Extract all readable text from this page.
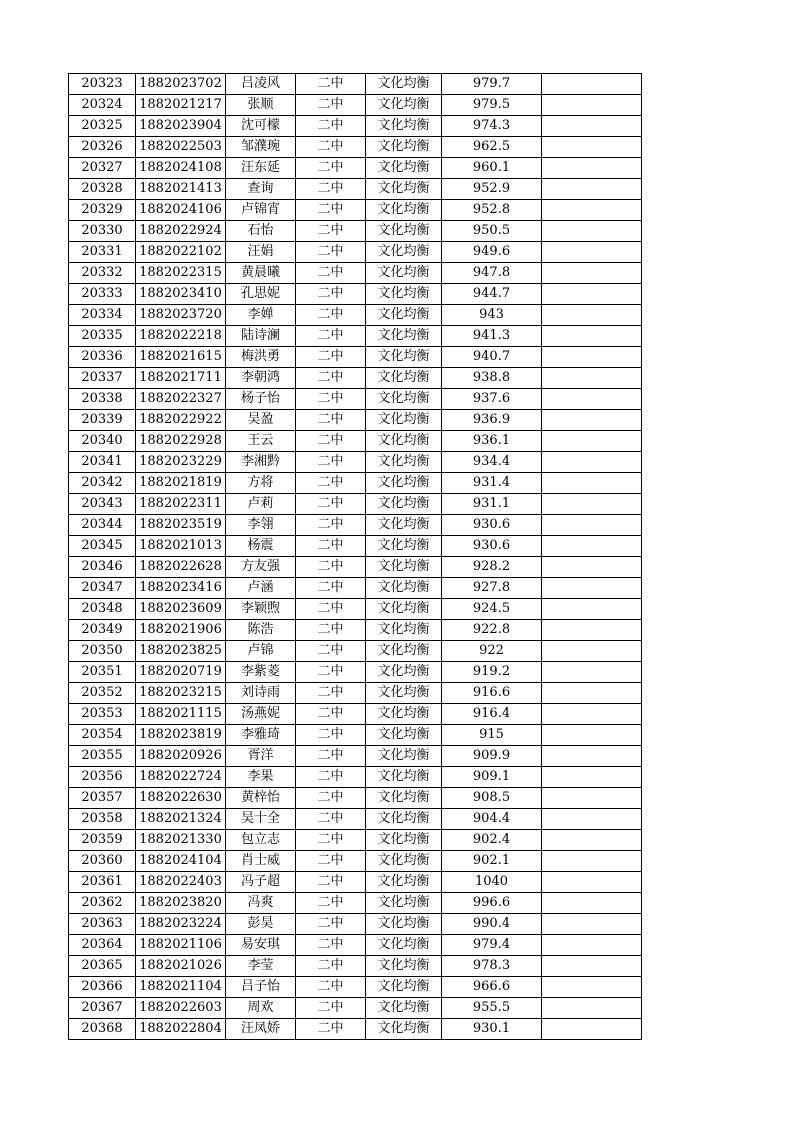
20323	1882023702	吕凌风	二中	文化均衡	979.7	
20324	1882021217	张顺	二中	文化均衡	979.5	
20325	1882023904	沈可檬	二中	文化均衡	974.3	
20326	1882022503	邹濮琬	二中	文化均衡	962.5	
20327	1882024108	汪东延	二中	文化均衡	960.1	
20328	1882021413	查询	二中	文化均衡	952.9	
20329	1882024106	卢锦宵	二中	文化均衡	952.8	
20330	1882022924	石怡	二中	文化均衡	950.5	
20331	1882022102	汪娟	二中	文化均衡	949.6	
20332	1882022315	黄晨曦	二中	文化均衡	947.8	
20333	1882023410	孔思妮	二中	文化均衡	944.7	
20334	1882023720	李婵	二中	文化均衡	943	
20335	1882022218	陆诗澜	二中	文化均衡	941.3	
20336	1882021615	梅洪勇	二中	文化均衡	940.7	
20337	1882021711	李朝鸿	二中	文化均衡	938.8	
20338	1882022327	杨子怡	二中	文化均衡	937.6	
20339	1882022922	吴盈	二中	文化均衡	936.9	
20340	1882022928	王云	二中	文化均衡	936.1	
20341	1882023229	李湘黔	二中	文化均衡	934.4	
20342	1882021819	方将	二中	文化均衡	931.4	
20343	1882022311	卢莉	二中	文化均衡	931.1	
20344	1882023519	李翎	二中	文化均衡	930.6	
20345	1882021013	杨震	二中	文化均衡	930.6	
20346	1882022628	方友强	二中	文化均衡	928.2	
20347	1882023416	卢涵	二中	文化均衡	927.8	
20348	1882023609	李颖煦	二中	文化均衡	924.5	
20349	1882021906	陈浩	二中	文化均衡	922.8	
20350	1882023825	卢锦	二中	文化均衡	922	
20351	1882020719	李紫菱	二中	文化均衡	919.2	
20352	1882023215	刘诗雨	二中	文化均衡	916.6	
20353	1882021115	汤燕妮	二中	文化均衡	916.4	
20354	1882023819	李雅琦	二中	文化均衡	915	
20355	1882020926	胥洋	二中	文化均衡	909.9	
20356	1882022724	李果	二中	文化均衡	909.1	
20357	1882022630	黄梓怡	二中	文化均衡	908.5	
20358	1882021324	吴十全	二中	文化均衡	904.4	
20359	1882021330	包立志	二中	文化均衡	902.4	
20360	1882024104	肖士威	二中	文化均衡	902.1	
20361	1882022403	冯子超	二中	文化均衡	1040	
20362	1882023820	冯爽	二中	文化均衡	996.6	
20363	1882023224	彭昊	二中	文化均衡	990.4	
20364	1882021106	易安琪	二中	文化均衡	979.4	
20365	1882021026	李莹	二中	文化均衡	978.3	
20366	1882021104	吕子怡	二中	文化均衡	966.6	
20367	1882022603	周欢	二中	文化均衡	955.5	
20368	1882022804	汪凤娇	二中	文化均衡	930.1	
